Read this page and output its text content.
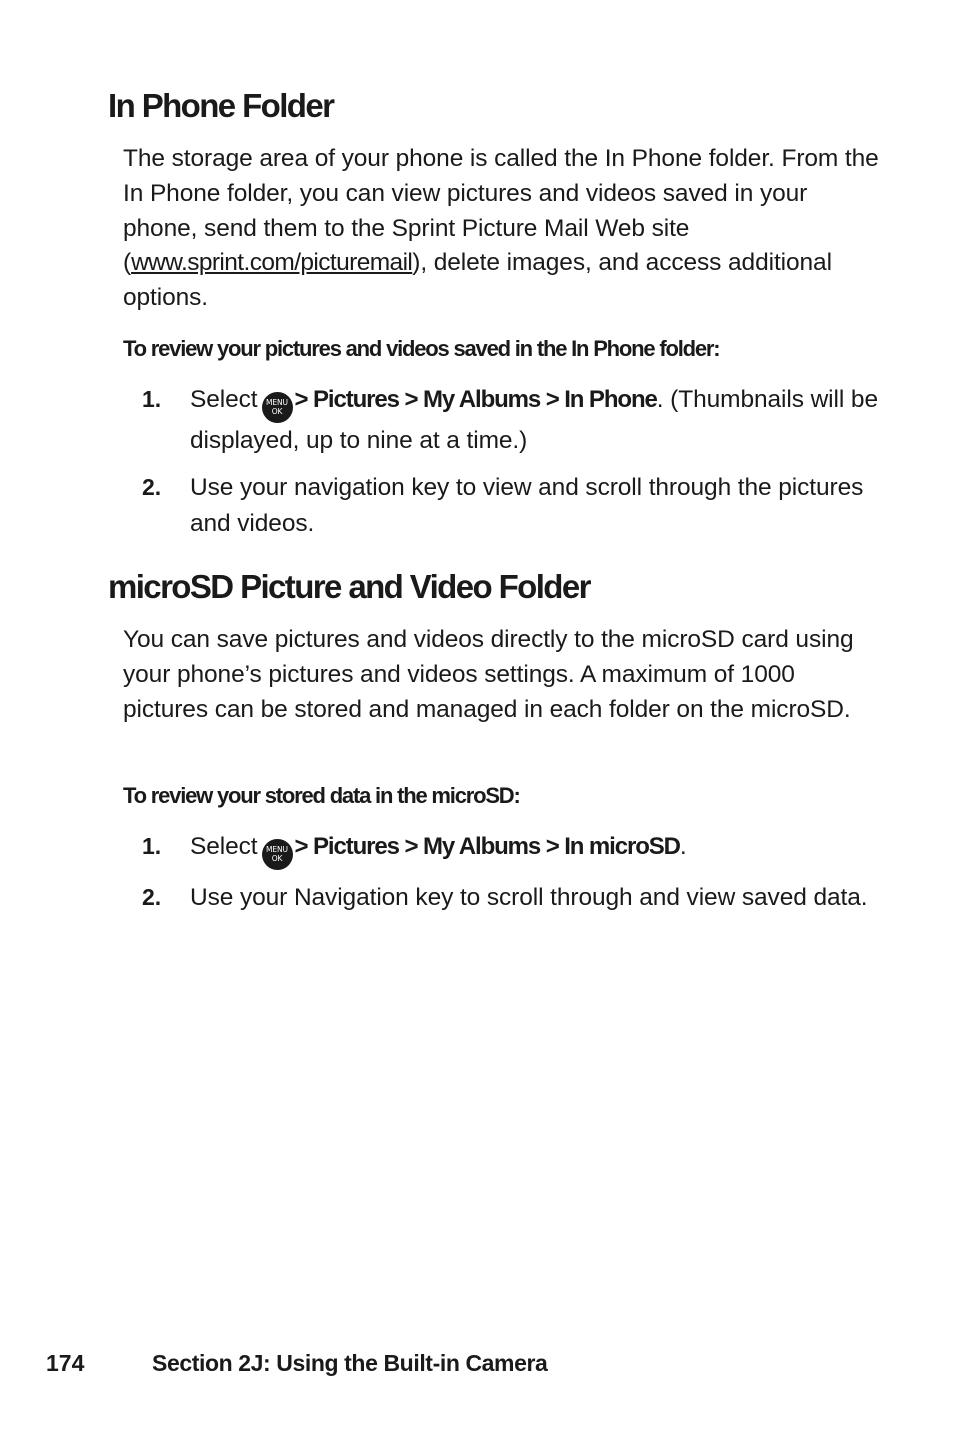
In Phone Folder

The storage area of your phone is called the In Phone folder. From the In Phone folder, you can view pictures and videos saved in your phone, send them to the Sprint Picture Mail Web site (www.sprint.com/picturemail), delete images, and access additional options.

To review your pictures and videos saved in the In Phone folder:

1. Select	MENU
OK > Pictures > My Albums > In Phone. (Thumbnails will be displayed, up to nine at a time.)

2. Use your navigation key to view and scroll through the pictures and videos.

microSD Picture and Video Folder

You can save pictures and videos directly to the microSD card using your phone’s pictures and videos settings. A maximum of 1000 pictures can be stored and managed in each folder on the microSD.

To review your stored data in the microSD:

1. Select	MENU
OK > Pictures > My Albums > In microSD.

2. Use your Navigation key to scroll through and view saved data.

174	Section 2J: Using the Built-in Camera
